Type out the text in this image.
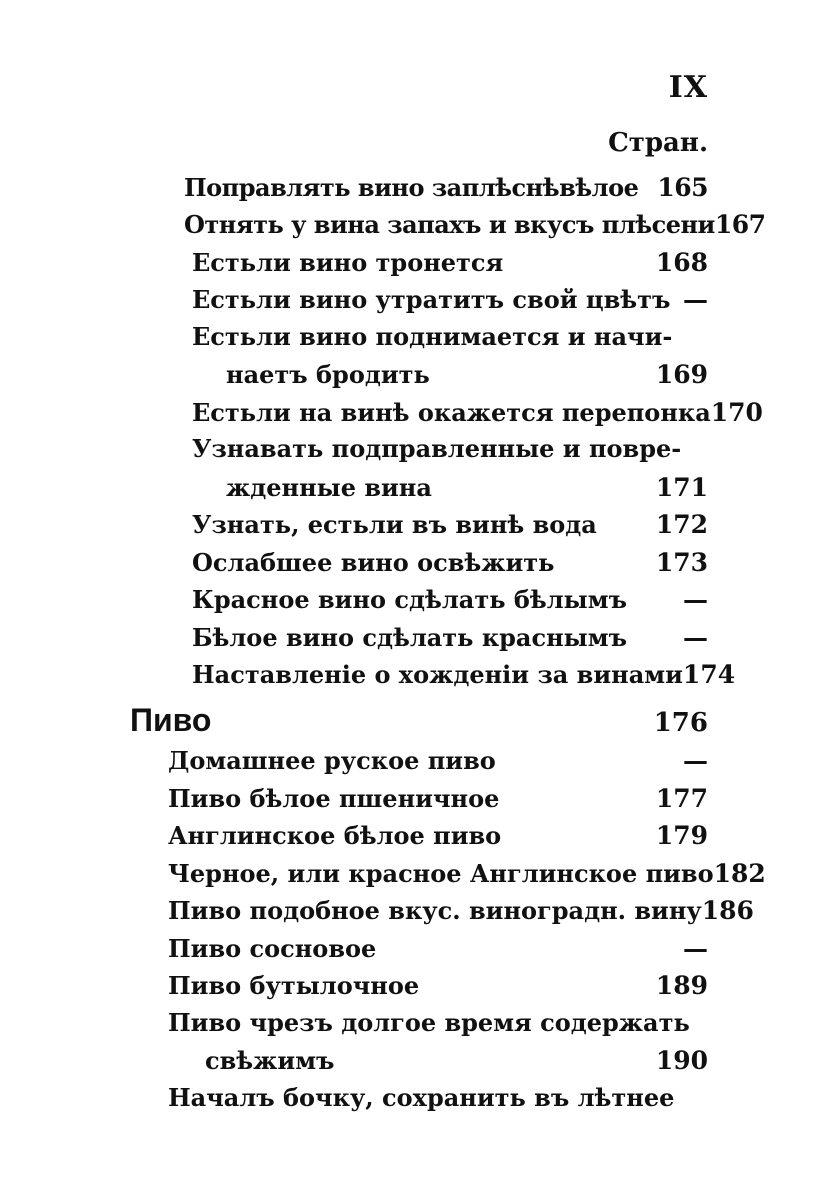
IX
Стран.
Поправлять вино заплѣснѣвѣлое 165
Отнять у вина запахъ и вкусъ плѣсени 167
Естьли вино тронется	168
Естьли вино утратитъ свой цвѣтъ —
Естьли вино поднимается и начи-
наетъ бродить	169
Естьли на винѣ окажется перепонка 170
Узнавать подправленные и повре-
жденные вина	171
Узнать, естьли въ винѣ вода 172
Ослабшее вино освѣжить	173
Красное вино сдѣлать бѣлымъ —
Бѣлое вино сдѣлать краснымъ —
Наставленіе о хожденіи за винами 174
Пиво	176
Домашнее руское пиво	—
Пиво бѣлое пшеничное	177
Англинское бѣлое пиво	179
Черное, или красное Англинское пиво 182
Пиво подобное вкус. виноградн. вину 186
Пиво сосновое	—
Пиво бутылочное	189
Пиво чрезъ долгое время содержать
свѣжимъ	190
Началъ бочку, сохранить въ лѣтнее
